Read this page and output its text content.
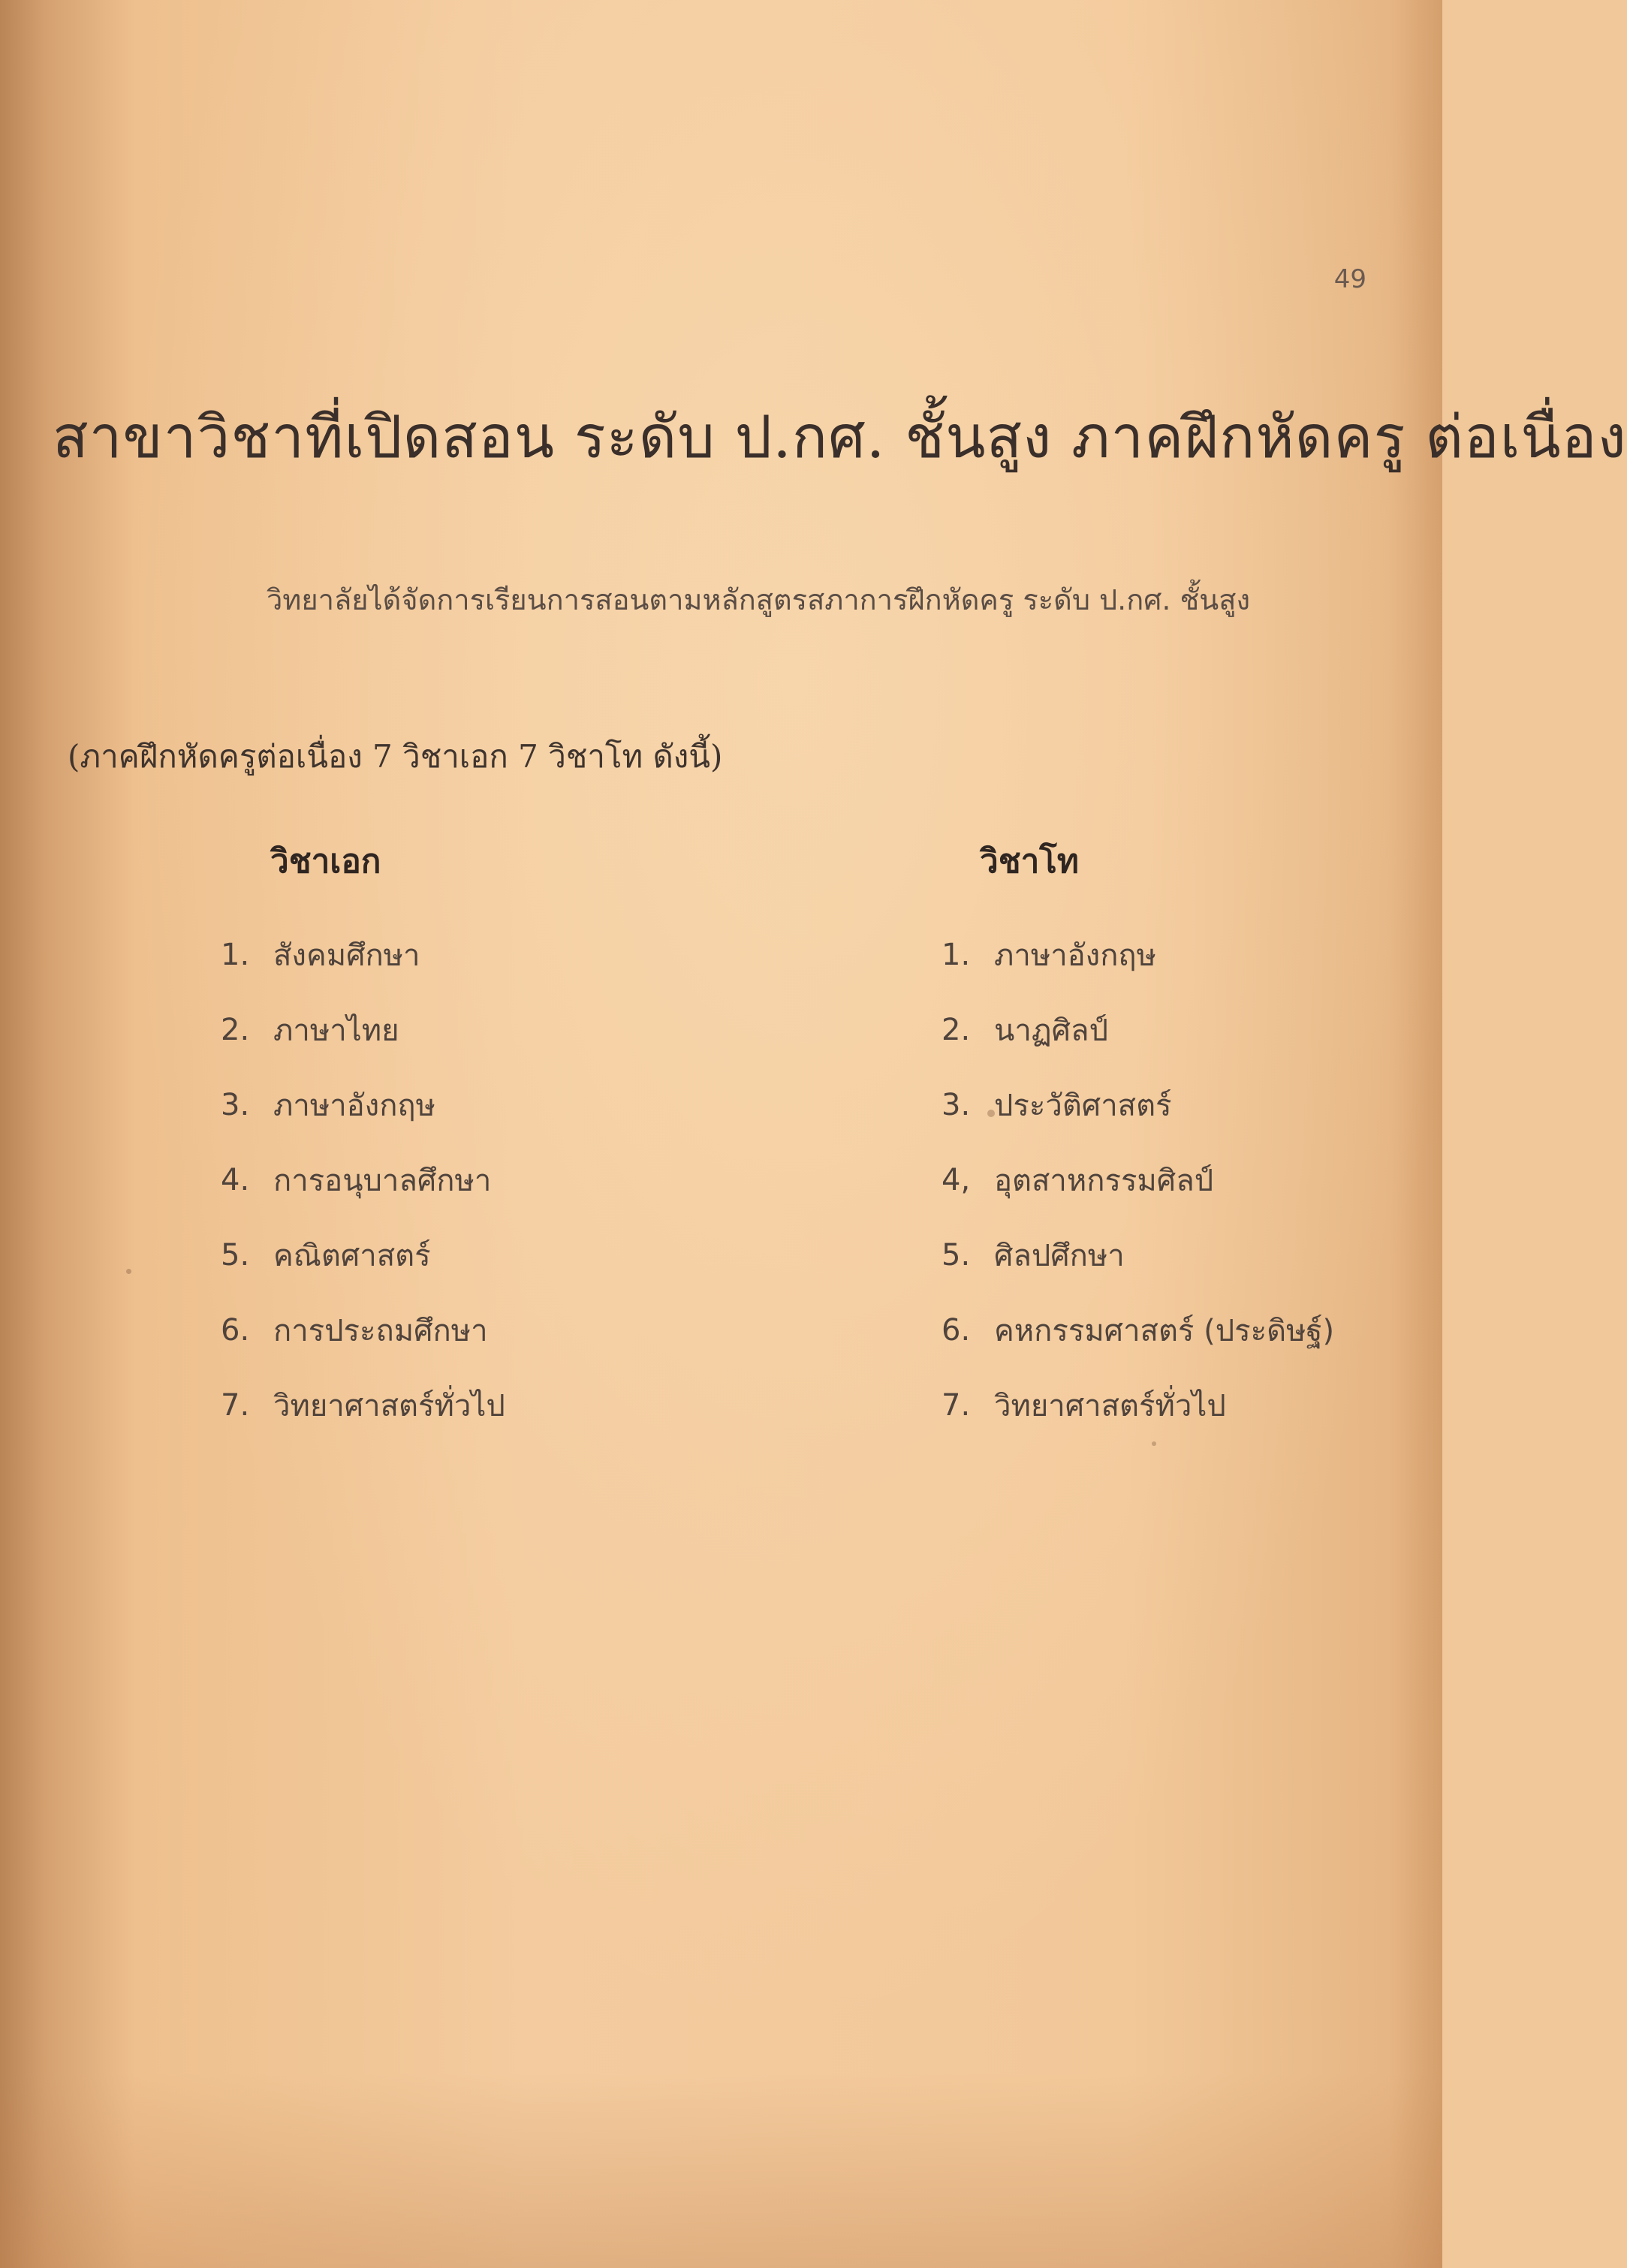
49
สาขาวิชาที่เปิดสอน ระดับ ป.กศ. ชั้นสูง ภาคฝึกหัดครู ต่อเนื่อง
วิทยาลัยได้จัดการเรียนการสอนตามหลักสูตรสภาการฝึกหัดครู ระดับ ป.กศ. ชั้นสูง
(ภาคฝึกหัดครูต่อเนื่อง 7 วิชาเอก 7 วิชาโท ดังนี้)
วิชาเอก	วิชาโท
1. สังคมศึกษา
2. ภาษาไทย
3. ภาษาอังกฤษ
4. การอนุบาลศึกษา
5. คณิตศาสตร์
6. การประถมศึกษา
7. วิทยาศาสตร์ทั่วไป
1. ภาษาอังกฤษ
2. นาฏศิลป์
3. ประวัติศาสตร์
4, อุตสาหกรรมศิลป์
5. ศิลปศึกษา
6. คหกรรมศาสตร์ (ประดิษฐ์)
7. วิทยาศาสตร์ทั่วไป
